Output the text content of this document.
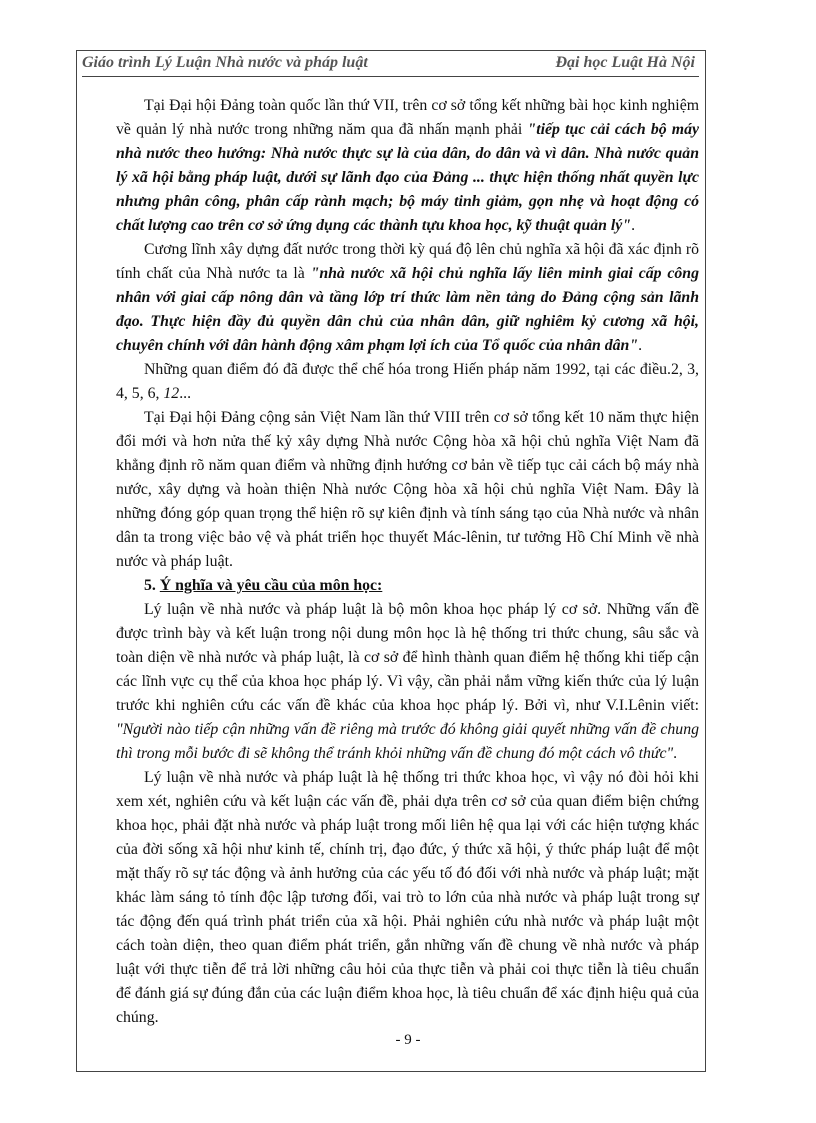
Giáo trình Lý Luận Nhà nước và pháp luật	Đại học Luật Hà Nội

Tại Đại hội Đảng toàn quốc lần thứ VII, trên cơ sở tổng kết những bài học kinh nghiệm về quản lý nhà nước trong những năm qua đã nhấn mạnh phải "tiếp tục cải cách bộ máy nhà nước theo hướng: Nhà nước thực sự là của dân, do dân và vì dân. Nhà nước quản lý xã hội bằng pháp luật, dưới sự lãnh đạo của Đảng ... thực hiện thống nhất quyền lực nhưng phân công, phân cấp rành mạch; bộ máy tinh giảm, gọn nhẹ và hoạt động có chất lượng cao trên cơ sở ứng dụng các thành tựu khoa học, kỹ thuật quản lý".

Cương lĩnh xây dựng đất nước trong thời kỳ quá độ lên chủ nghĩa xã hội đã xác định rõ tính chất của Nhà nước ta là "nhà nước xã hội chủ nghĩa lấy liên minh giai cấp công nhân với giai cấp nông dân và tầng lớp trí thức làm nền tảng do Đảng cộng sản lãnh đạo. Thực hiện đầy đủ quyền dân chủ của nhân dân, giữ nghiêm kỷ cương xã hội, chuyên chính với dân hành động xâm phạm lợi ích của Tổ quốc của nhân dân".

Những quan điểm đó đã được thể chế hóa trong Hiến pháp năm 1992, tại các điều.2, 3, 4, 5, 6, 12...

Tại Đại hội Đảng cộng sản Việt Nam lần thứ VIII trên cơ sở tổng kết 10 năm thực hiện đổi mới và hơn nửa thế kỷ xây dựng Nhà nước Cộng hòa xã hội chủ nghĩa Việt Nam đã khẳng định rõ năm quan điểm và những định hướng cơ bản về tiếp tục cải cách bộ máy nhà nước, xây dựng và hoàn thiện Nhà nước Cộng hòa xã hội chủ nghĩa Việt Nam. Đây là những đóng góp quan trọng thể hiện rõ sự kiên định và tính sáng tạo của Nhà nước và nhân dân ta trong việc bảo vệ và phát triển học thuyết Mác-lênin, tư tưởng Hồ Chí Minh về nhà nước và pháp luật.

5. Ý nghĩa và yêu cầu của môn học:

Lý luận về nhà nước và pháp luật là bộ môn khoa học pháp lý cơ sở. Những vấn đề được trình bày và kết luận trong nội dung môn học là hệ thống tri thức chung, sâu sắc và toàn diện về nhà nước và pháp luật, là cơ sở để hình thành quan điểm hệ thống khi tiếp cận các lĩnh vực cụ thể của khoa học pháp lý. Vì vậy, cần phải nắm vững kiến thức của lý luận trước khi nghiên cứu các vấn đề khác của khoa học pháp lý. Bởi vì, như V.I.Lênin viết: "Người nào tiếp cận những vấn đề riêng mà trước đó không giải quyết những vấn đề chung thì trong mỗi bước đi sẽ không thể tránh khỏi những vấn đề chung đó một cách vô thức".

Lý luận về nhà nước và pháp luật là hệ thống tri thức khoa học, vì vậy nó đòi hỏi khi xem xét, nghiên cứu và kết luận các vấn đề, phải dựa trên cơ sở của quan điểm biện chứng khoa học, phải đặt nhà nước và pháp luật trong mối liên hệ qua lại với các hiện tượng khác của đời sống xã hội như kinh tế, chính trị, đạo đức, ý thức xã hội, ý thức pháp luật để một mặt thấy rõ sự tác động và ảnh hưởng của các yếu tố đó đối với nhà nước và pháp luật; mặt khác làm sáng tỏ tính độc lập tương đối, vai trò to lớn của nhà nước và pháp luật trong sự tác động đến quá trình phát triển của xã hội. Phải nghiên cứu nhà nước và pháp luật một cách toàn diện, theo quan điểm phát triển, gắn những vấn đề chung về nhà nước và pháp luật với thực tiễn để trả lời những câu hỏi của thực tiễn và phải coi thực tiễn là tiêu chuẩn để đánh giá sự đúng đắn của các luận điểm khoa học, là tiêu chuẩn để xác định hiệu quả của chúng.

- 9 -
